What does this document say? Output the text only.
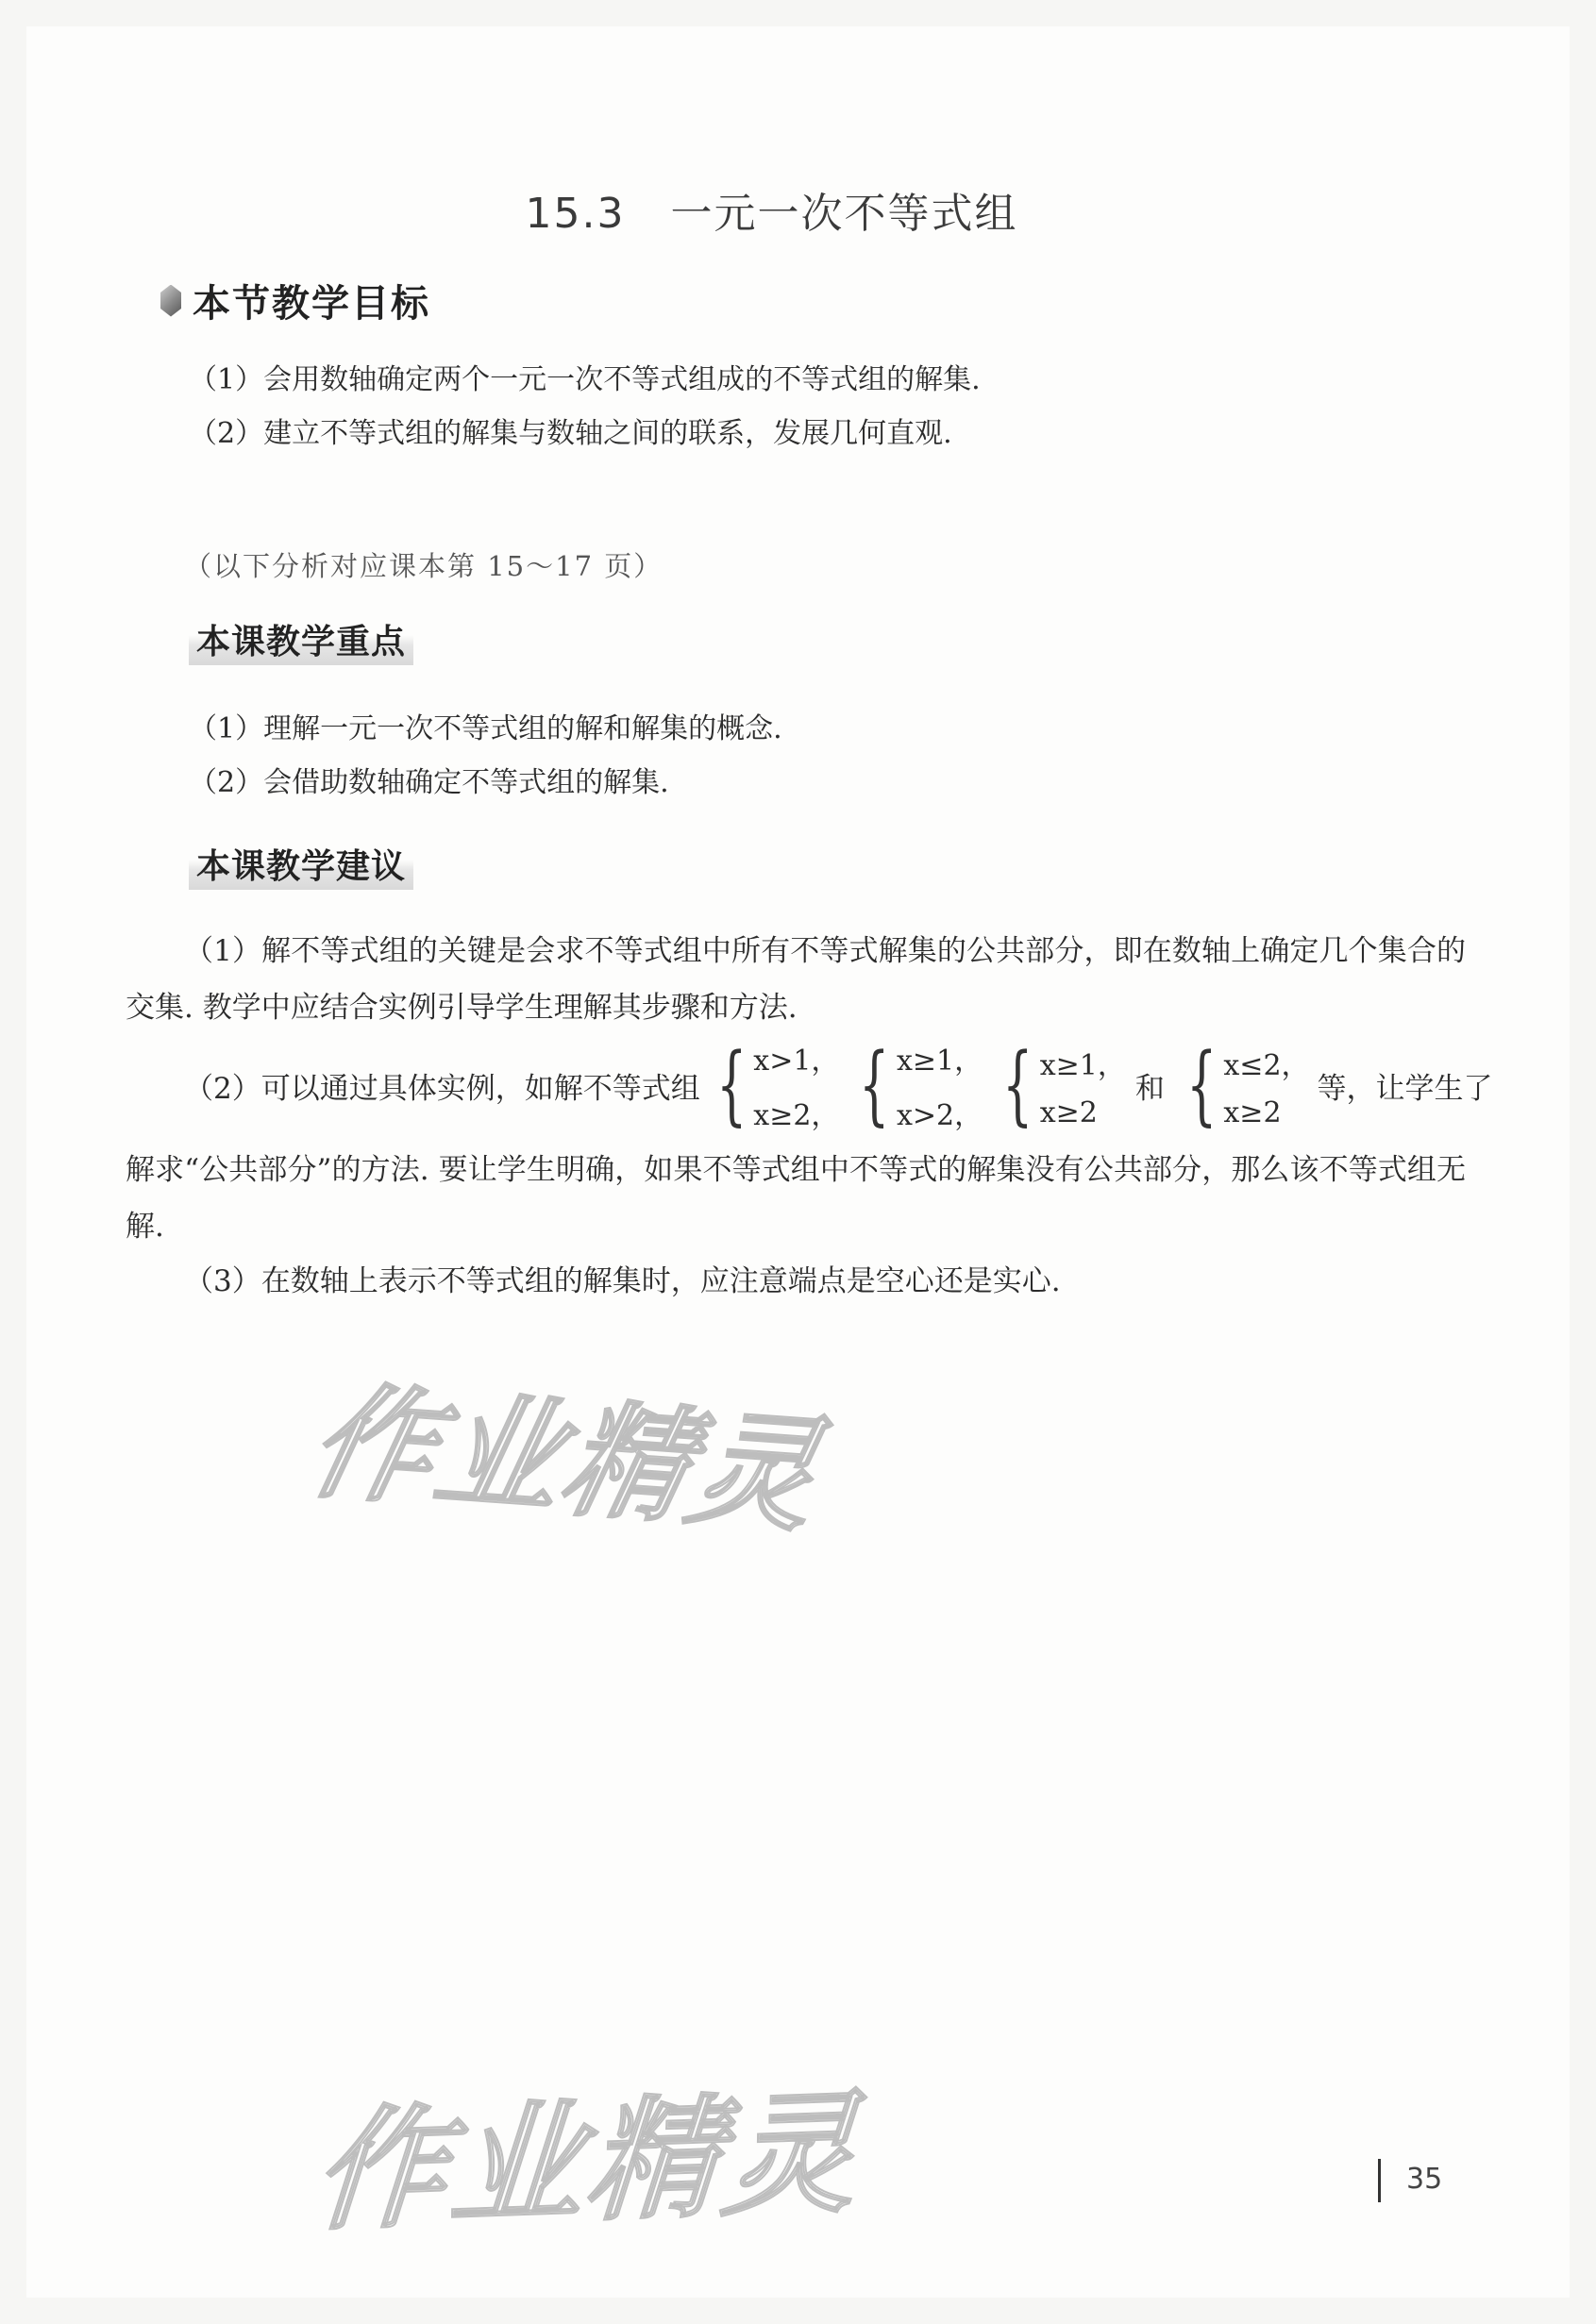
15.3 一元一次不等式组
本节教学目标
（1）会用数轴确定两个一元一次不等式组成的不等式组的解集.
（2）建立不等式组的解集与数轴之间的联系，发展几何直观.
（以下分析对应课本第 15～17 页）
本课教学重点
（1）理解一元一次不等式组的解和解集的概念.
（2）会借助数轴确定不等式组的解集.
本课教学建议
（1）解不等式组的关键是会求不等式组中所有不等式解集的公共部分，即在数轴上确定几个集合的交集. 教学中应结合实例引导学生理解其步骤和方法.
（2）可以通过具体实例，如解不等式组 { x>1，
x≥2， { x≥1，
x>2， { x≥1，
x≥2
和 { x≤2，
x≥2
等，让学生了
解求“公共部分”的方法. 要让学生明确，如果不等式组中不等式的解集没有公共部分，那么该不等式组无解.
（3）在数轴上表示不等式组的解集时，应注意端点是空心还是实心.
作业精灵
作业精灵	35
